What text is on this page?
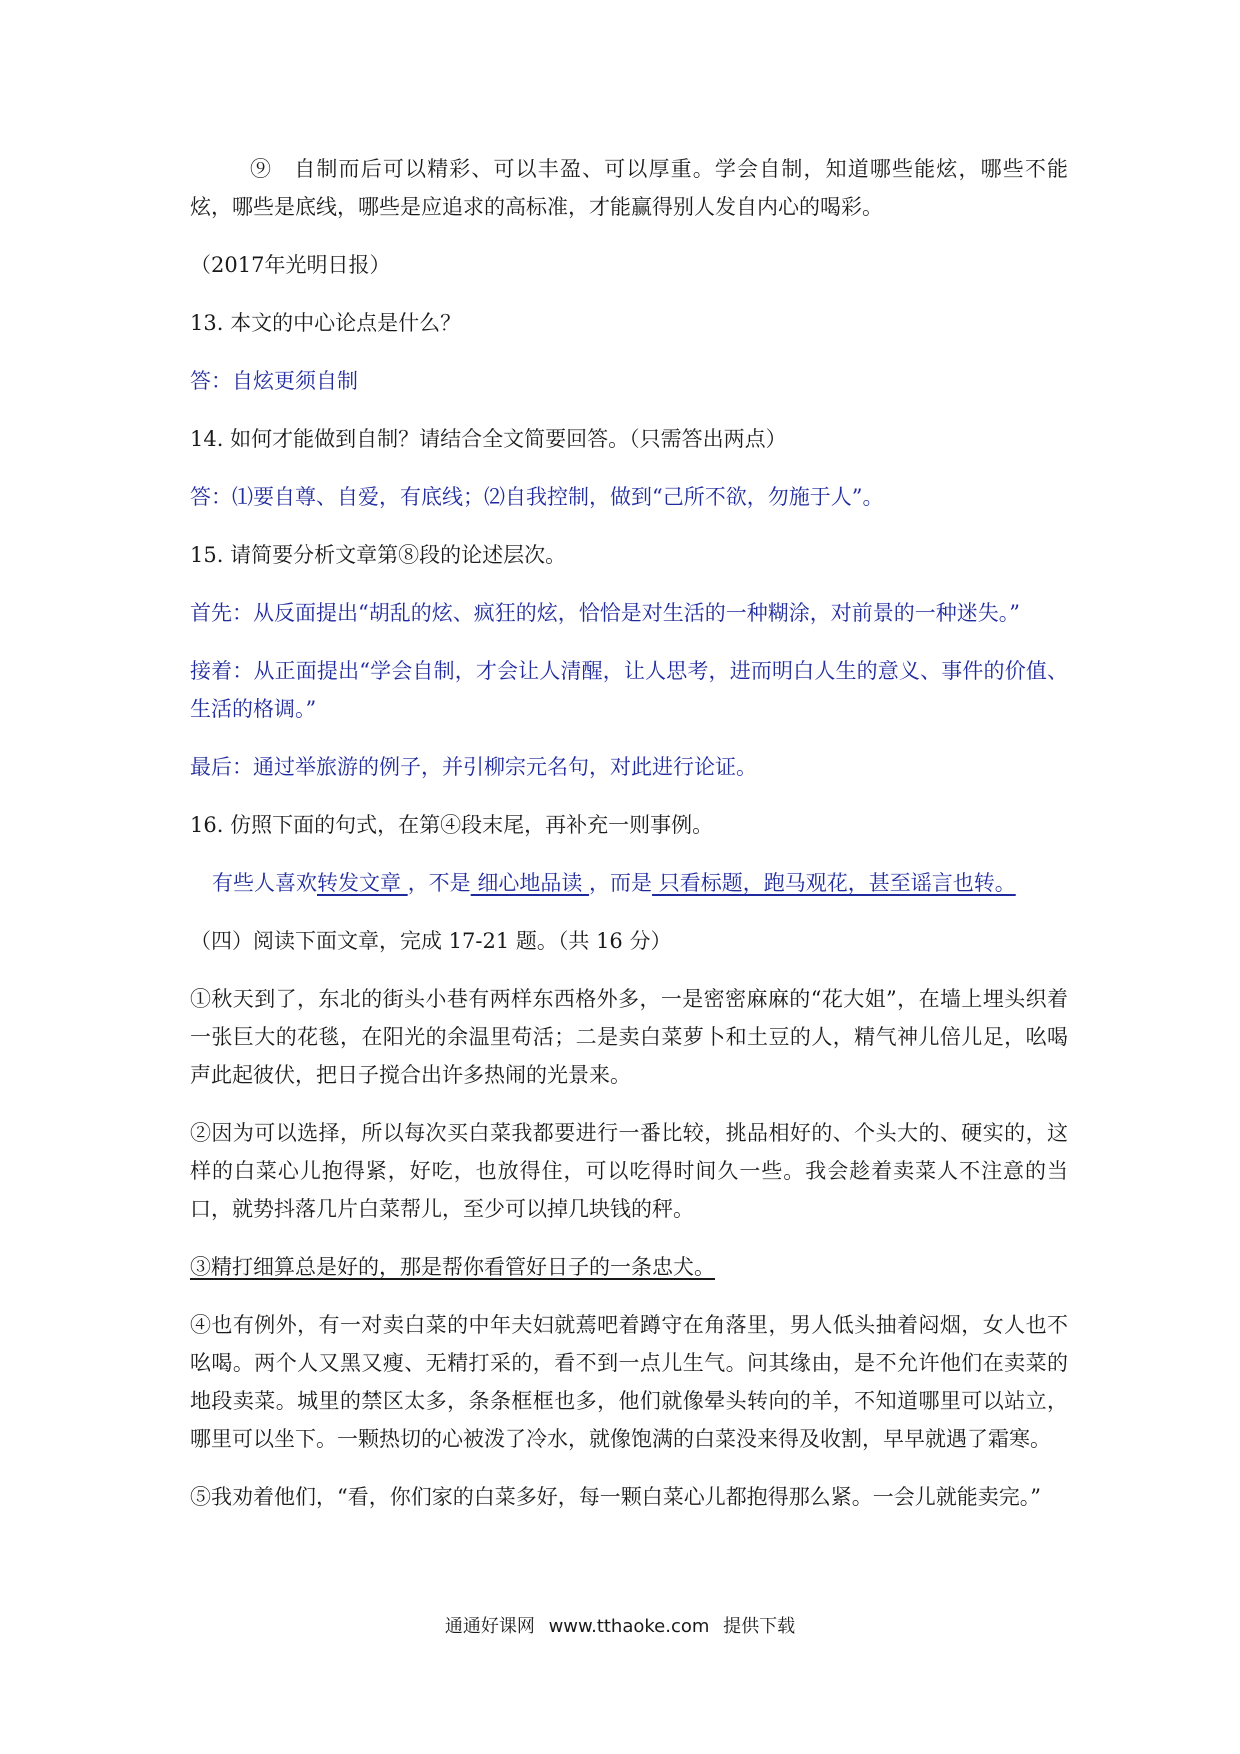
⑨　自制而后可以精彩、可以丰盈、可以厚重。学会自制，知道哪些能炫，哪些不能炫，哪些是底线，哪些是应追求的高标准，才能赢得别人发自内心的喝彩。

（2017年光明日报）

13. 本文的中心论点是什么？

答：自炫更须自制

14. 如何才能做到自制？请结合全文简要回答。（只需答出两点）

答：⑴要自尊、自爱，有底线；⑵自我控制，做到“己所不欲，勿施于人”。

15. 请简要分析文章第⑧段的论述层次。

首先：从反面提出“胡乱的炫、疯狂的炫，恰恰是对生活的一种糊涂，对前景的一种迷失。”

接着：从正面提出“学会自制，才会让人清醒，让人思考，进而明白人生的意义、事件的价值、生活的格调。”

最后：通过举旅游的例子，并引柳宗元名句，对此进行论证。

16. 仿照下面的句式，在第④段末尾，再补充一则事例。

有些人喜欢转发文章 ，不是 细心地品读 ，而是 只看标题，跑马观花，甚至谣言也转。

（四）阅读下面文章，完成 17-21 题。（共 16 分）

①秋天到了，东北的街头小巷有两样东西格外多，一是密密麻麻的“花大姐”，在墙上埋头织着一张巨大的花毯，在阳光的余温里苟活；二是卖白菜萝卜和土豆的人，精气神儿倍儿足，吆喝声此起彼伏，把日子搅合出许多热闹的光景来。

②因为可以选择，所以每次买白菜我都要进行一番比较，挑品相好的、个头大的、硬实的，这样的白菜心儿抱得紧，好吃，也放得住，可以吃得时间久一些。我会趁着卖菜人不注意的当口，就势抖落几片白菜帮儿，至少可以掉几块钱的秤。

③精打细算总是好的，那是帮你看管好日子的一条忠犬。

④也有例外，有一对卖白菜的中年夫妇就蔫吧着蹲守在角落里，男人低头抽着闷烟，女人也不吆喝。两个人又黑又瘦、无精打采的，看不到一点儿生气。问其缘由，是不允许他们在卖菜的地段卖菜。城里的禁区太多，条条框框也多，他们就像晕头转向的羊，不知道哪里可以站立，哪里可以坐下。一颗热切的心被泼了冷水，就像饱满的白菜没来得及收割，早早就遇了霜寒。

⑤我劝着他们，“看，你们家的白菜多好，每一颗白菜心儿都抱得那么紧。一会儿就能卖完。”

通通好课网 www.tthaoke.com 提供下载
